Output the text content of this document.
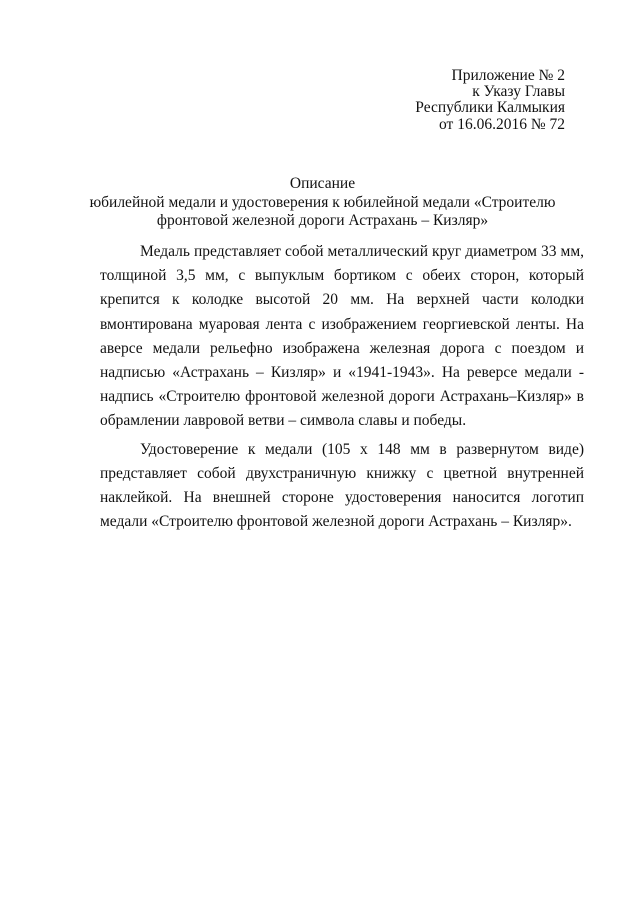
Приложение № 2
к Указу Главы
Республики Калмыкия
от 16.06.2016 № 72
Описание
юбилейной медали и удостоверения к юбилейной медали «Строителю
фронтовой железной дороги Астрахань – Кизляр»

Медаль представляет собой металлический круг диаметром 33 мм, толщиной 3,5 мм, с выпуклым бортиком с обеих сторон, который крепится к колодке высотой 20 мм. На верхней части колодки вмонтирована муаровая лента с изображением георгиевской ленты. На аверсе медали рельефно изображена железная дорога с поездом и надписью «Астрахань – Кизляр» и «1941-1943». На реверсе медали - надпись «Строителю фронтовой железной дороги Астрахань–Кизляр» в обрамлении лавровой ветви – символа славы и победы.

Удостоверение к медали (105 х 148 мм в развернутом виде) представляет собой двухстраничную книжку с цветной внутренней наклейкой. На внешней стороне удостоверения наносится логотип медали «Строителю фронтовой железной дороги Астрахань – Кизляр».
